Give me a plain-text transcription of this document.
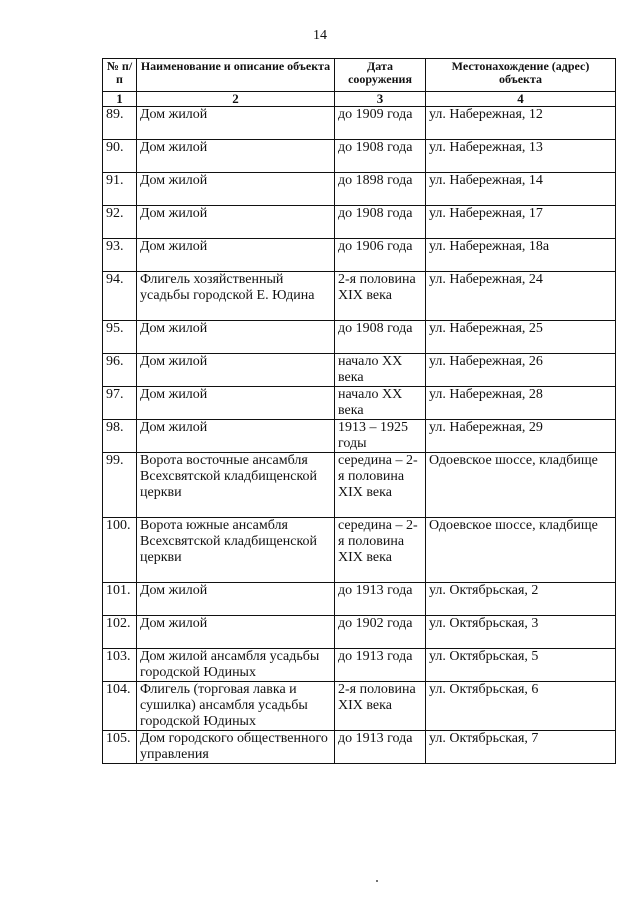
14
№ п/п	Наименование и описание объекта	Дата сооружения	Местонахождение (адрес) объекта
1	2	3	4
89.	Дом жилой	до 1909 года	ул. Набережная, 12
90.	Дом жилой	до 1908 года	ул. Набережная, 13
91.	Дом жилой	до 1898 года	ул. Набережная, 14
92.	Дом жилой	до 1908 года	ул. Набережная, 17
93.	Дом жилой	до 1906 года	ул. Набережная, 18а
94.	Флигель хозяйственный усадьбы городской Е. Юдина	2-я половина XIX века	ул. Набережная, 24
95.	Дом жилой	до 1908 года	ул. Набережная, 25
96.	Дом жилой	начало XX века	ул. Набережная, 26
97.	Дом жилой	начало XX века	ул. Набережная, 28
98.	Дом жилой	1913 – 1925 годы	ул. Набережная, 29
99.	Ворота восточные ансамбля Всехсвятской кладбищенской церкви	середина – 2-я половина XIX века	Одоевское шоссе, кладбище
100.	Ворота южные ансамбля Всехсвятской кладбищенской церкви	середина – 2-я половина XIX века	Одоевское шоссе, кладбище
101.	Дом жилой	до 1913 года	ул. Октябрьская, 2
102.	Дом жилой	до 1902 года	ул. Октябрьская, 3
103.	Дом жилой ансамбля усадьбы городской Юдиных	до 1913 года	ул. Октябрьская, 5
104.	Флигель (торговая лавка и сушилка) ансамбля усадьбы городской Юдиных	2-я половина XIX века	ул. Октябрьская, 6
105.	Дом городского общественного управления	до 1913 года	ул. Октябрьская, 7
